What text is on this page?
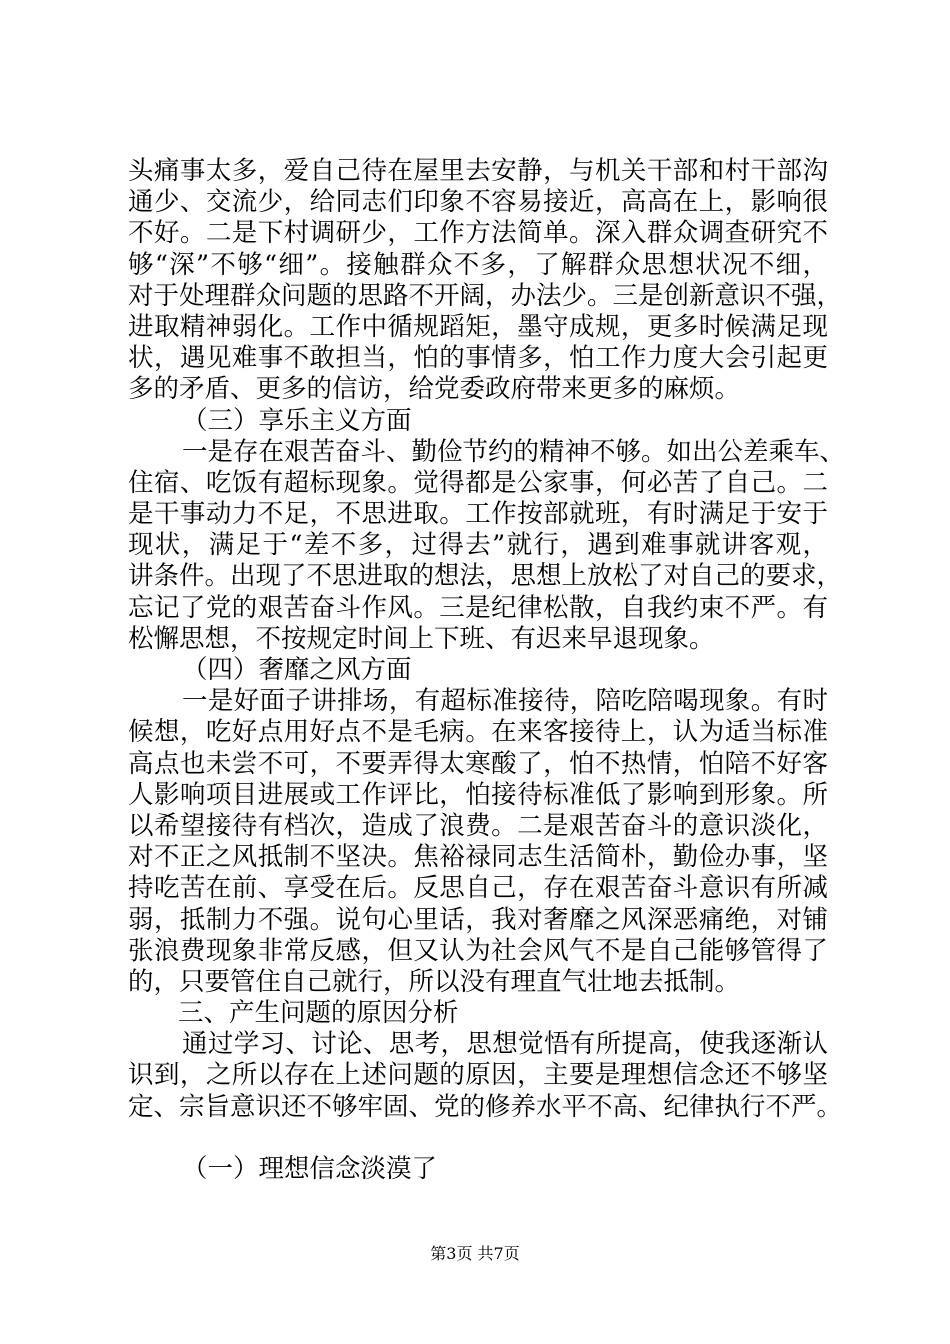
头痛事太多，爱自己待在屋里去安静，与机关干部和村干部沟
通少、交流少，给同志们印象不容易接近，高高在上，影响很
不好。二是下村调研少，工作方法简单。深入群众调查研究不
够“深”不够“细”。接触群众不多，了解群众思想状况不细，
对于处理群众问题的思路不开阔，办法少。三是创新意识不强，
进取精神弱化。工作中循规蹈矩，墨守成规，更多时候满足现
状，遇见难事不敢担当，怕的事情多，怕工作力度大会引起更
多的矛盾、更多的信访，给党委政府带来更多的麻烦。
（三）享乐主义方面
一是存在艰苦奋斗、勤俭节约的精神不够。如出公差乘车、
住宿、吃饭有超标现象。觉得都是公家事，何必苦了自己。二
是干事动力不足，不思进取。工作按部就班，有时满足于安于
现状，满足于“差不多，过得去”就行，遇到难事就讲客观，
讲条件。出现了不思进取的想法，思想上放松了对自己的要求，
忘记了党的艰苦奋斗作风。三是纪律松散，自我约束不严。有
松懈思想，不按规定时间上下班、有迟来早退现象。
（四）奢靡之风方面
一是好面子讲排场，有超标准接待，陪吃陪喝现象。有时
候想，吃好点用好点不是毛病。在来客接待上，认为适当标准
高点也未尝不可，不要弄得太寒酸了，怕不热情，怕陪不好客
人影响项目进展或工作评比，怕接待标准低了影响到形象。所
以希望接待有档次，造成了浪费。二是艰苦奋斗的意识淡化，
对不正之风抵制不坚决。焦裕禄同志生活简朴，勤俭办事，坚
持吃苦在前、享受在后。反思自己，存在艰苦奋斗意识有所减
弱，抵制力不强。说句心里话，我对奢靡之风深恶痛绝，对铺
张浪费现象非常反感，但又认为社会风气不是自己能够管得了
的，只要管住自己就行，所以没有理直气壮地去抵制。
三、产生问题的原因分析
通过学习、讨论、思考，思想觉悟有所提高，使我逐渐认
识到，之所以存在上述问题的原因，主要是理想信念还不够坚
定、宗旨意识还不够牢固、党的修养水平不高、纪律执行不严。
（一）理想信念淡漠了
第3页 共7页
